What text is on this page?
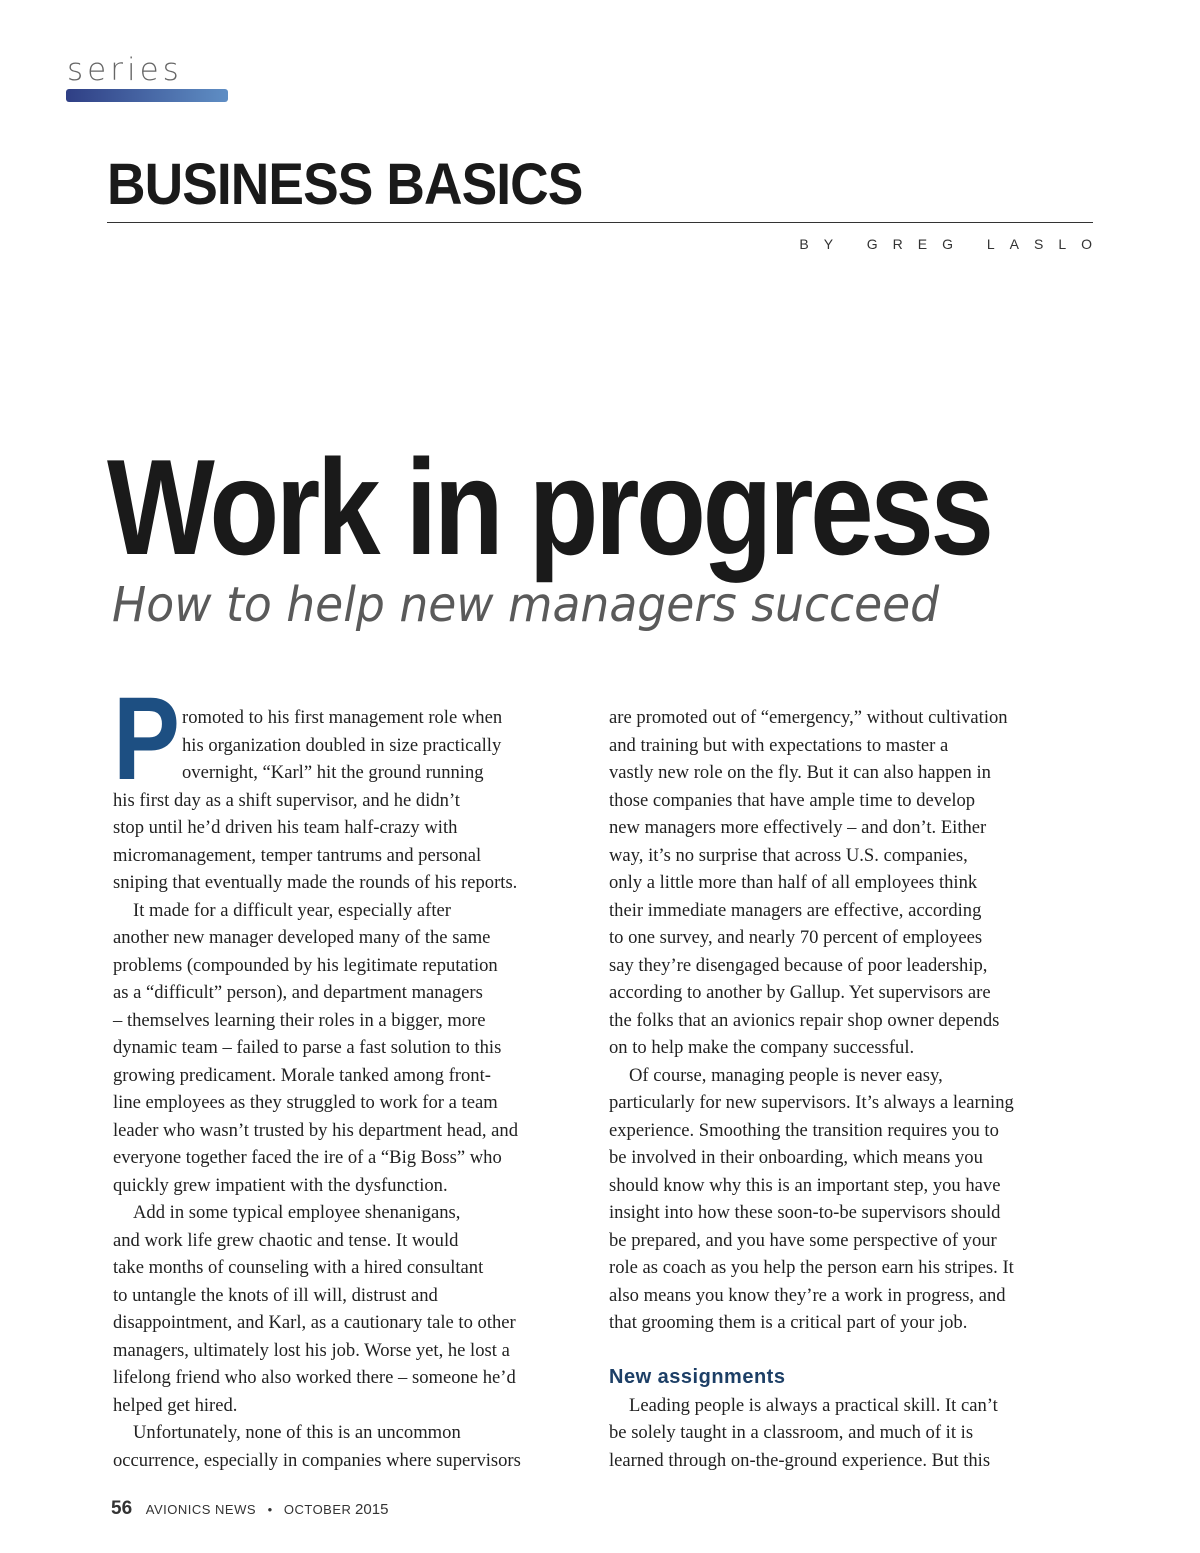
series
BUSINESS BASICS
BY GREG LASLO
Work in progress
How to help new managers succeed
P romoted to his first management role when
his organization doubled in size practically
overnight, “Karl” hit the ground running
his first day as a shift supervisor, and he didn’t
stop until he’d driven his team half-crazy with
micromanagement, temper tantrums and personal
sniping that eventually made the rounds of his reports.
It made for a difficult year, especially after
another new manager developed many of the same
problems (compounded by his legitimate reputation
as a “difficult” person), and department managers
– themselves learning their roles in a bigger, more
dynamic team – failed to parse a fast solution to this
growing predicament. Morale tanked among front-
line employees as they struggled to work for a team
leader who wasn’t trusted by his department head, and
everyone together faced the ire of a “Big Boss” who
quickly grew impatient with the dysfunction.
Add in some typical employee shenanigans,
and work life grew chaotic and tense. It would
take months of counseling with a hired consultant
to untangle the knots of ill will, distrust and
disappointment, and Karl, as a cautionary tale to other
managers, ultimately lost his job. Worse yet, he lost a
lifelong friend who also worked there – someone he’d
helped get hired.
Unfortunately, none of this is an uncommon
occurrence, especially in companies where supervisors
are promoted out of “emergency,” without cultivation
and training but with expectations to master a
vastly new role on the fly. But it can also happen in
those companies that have ample time to develop
new managers more effectively – and don’t. Either
way, it’s no surprise that across U.S. companies,
only a little more than half of all employees think
their immediate managers are effective, according
to one survey, and nearly 70 percent of employees
say they’re disengaged because of poor leadership,
according to another by Gallup. Yet supervisors are
the folks that an avionics repair shop owner depends
on to help make the company successful.
Of course, managing people is never easy,
particularly for new supervisors. It’s always a learning
experience. Smoothing the transition requires you to
be involved in their onboarding, which means you
should know why this is an important step, you have
insight into how these soon-to-be supervisors should
be prepared, and you have some perspective of your
role as coach as you help the person earn his stripes. It
also means you know they’re a work in progress, and
that grooming them is a critical part of your job.
New assignments
Leading people is always a practical skill. It can’t
be solely taught in a classroom, and much of it is
learned through on-the-ground experience. But this
56 AVIONICS NEWS • OCTOBER 2015
